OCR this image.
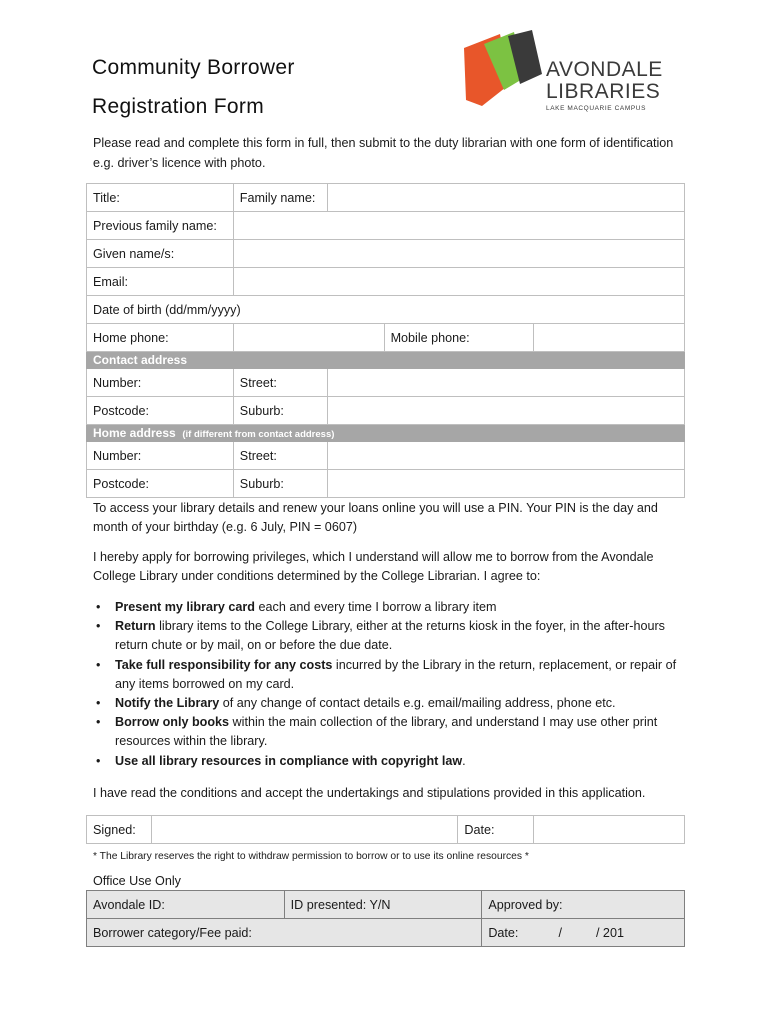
Community Borrower
Registration Form
AVONDALE
LIBRARIES
LAKE MACQUARIE CAMPUS
Please read and complete this form in full, then submit to the duty librarian with one form of identification e.g. driver’s licence with photo.
Title:	Family name:			
Previous family name:				
Given name/s:				
Email:				
Date of birth (dd/mm/yyyy)				
Home phone:			Mobile phone:	
Contact address				
Number:	Street:			
Postcode:	Suburb:			
Home address (if different from contact address)				
Number:	Street:			
Postcode:	Suburb:			
To access your library details and renew your loans online you will use a PIN. Your PIN is the day and month of your birthday (e.g. 6 July, PIN = 0607)
I hereby apply for borrowing privileges, which I understand will allow me to borrow from the Avondale College Library under conditions determined by the College Librarian. I agree to:
• Present my library card each and every time I borrow a library item
• Return library items to the College Library, either at the returns kiosk in the foyer, in the after-hours return chute or by mail, on or before the due date.
• Take full responsibility for any costs incurred by the Library in the return, replacement, or repair of any items borrowed on my card.
• Notify the Library of any change of contact details e.g. email/mailing address, phone etc.
• Borrow only books within the main collection of the library, and understand I may use other print resources within the library.
• Use all library resources in compliance with copyright law.
I have read the conditions and accept the undertakings and stipulations provided in this application.
Signed:		Date:	
* The Library reserves the right to withdraw permission to borrow or to use its online resources *
Office Use Only
Avondale ID:	ID presented: Y/N	Approved by:
Borrower category/Fee paid:		Date: / / 201
